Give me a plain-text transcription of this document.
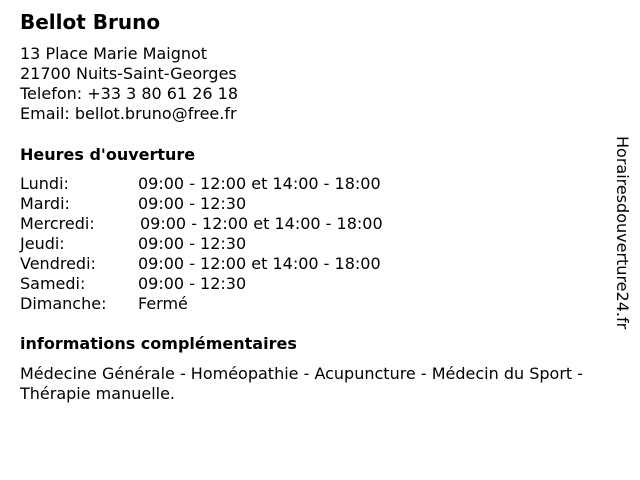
Bellot Bruno
13 Place Marie Maignot
21700 Nuits-Saint-Georges
Telefon: +33 3 80 61 26 18
Email: bellot.bruno@free.fr
Heures d'ouverture
Lundi:	09:00 - 12:00 et 14:00 - 18:00
Mardi:	09:00 - 12:30
Mercredi:	09:00 - 12:00 et 14:00 - 18:00
Jeudi:	09:00 - 12:30
Vendredi:	09:00 - 12:00 et 14:00 - 18:00
Samedi:	09:00 - 12:30
Dimanche: Fermé
informations complémentaires
Médecine Générale - Homéopathie - Acupuncture - Médecin du Sport - Thérapie manuelle.
Horairesdouverture24.fr
